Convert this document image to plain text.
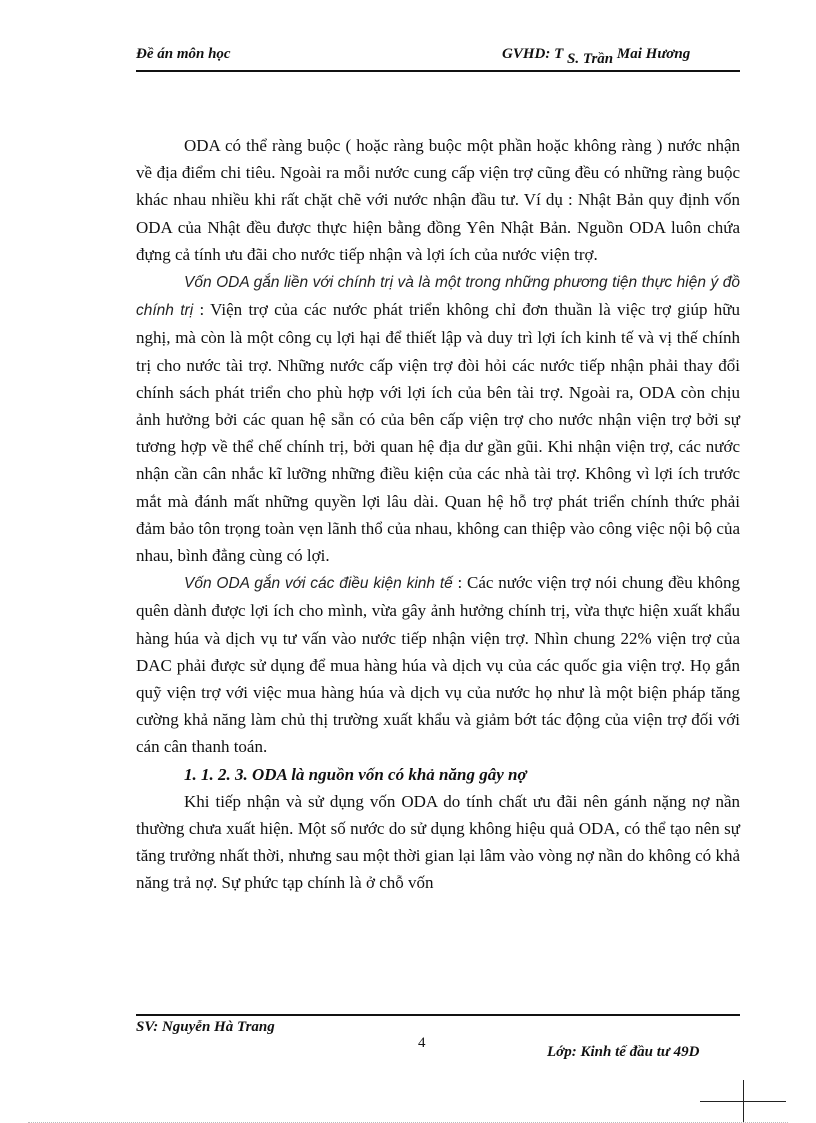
Đề án môn học	GVHD: T S. Trần Mai Hương

ODA có thể ràng buộc ( hoặc ràng buộc một phần hoặc không ràng ) nước nhận về địa điểm chi tiêu. Ngoài ra mỗi nước cung cấp viện trợ cũng đều có những ràng buộc khác nhau nhiều khi rất chặt chẽ với nước nhận đầu tư. Ví dụ : Nhật Bản quy định vốn ODA của Nhật đều được thực hiện bằng đồng Yên Nhật Bản. Nguồn ODA luôn chứa đựng cả tính ưu đãi cho nước tiếp nhận và lợi ích của nước viện trợ.

Vốn ODA gắn liền với chính trị và là một trong những phương tiện thực hiện ý đồ chính trị : Viện trợ của các nước phát triển không chỉ đơn thuần là việc trợ giúp hữu nghị, mà còn là một công cụ lợi hại để thiết lập và duy trì lợi ích kinh tế và vị thế chính trị cho nước tài trợ. Những nước cấp viện trợ đòi hỏi các nước tiếp nhận phải thay đổi chính sách phát triển cho phù hợp với lợi ích của bên tài trợ. Ngoài ra, ODA còn chịu ảnh hưởng bởi các quan hệ sẵn có của bên cấp viện trợ cho nước nhận viện trợ bởi sự tương hợp về thể chế chính trị, bởi quan hệ địa dư gần gũi. Khi nhận viện trợ, các nước nhận cần cân nhắc kĩ lưỡng những điều kiện của các nhà tài trợ. Không vì lợi ích trước mắt mà đánh mất những quyền lợi lâu dài. Quan hệ hỗ trợ phát triển chính thức phải đảm bảo tôn trọng toàn vẹn lãnh thổ của nhau, không can thiệp vào công việc nội bộ của nhau, bình đẳng cùng có lợi.

Vốn ODA gắn với các điều kiện kinh tế : Các nước viện trợ nói chung đều không quên dành được lợi ích cho mình, vừa gây ảnh hưởng chính trị, vừa thực hiện xuất khẩu hàng húa và dịch vụ tư vấn vào nước tiếp nhận viện trợ. Nhìn chung 22% viện trợ của DAC phải được sử dụng để mua hàng húa và dịch vụ của các quốc gia viện trợ. Họ gắn quỹ viện trợ với việc mua hàng húa và dịch vụ của nước họ như là một biện pháp tăng cường khả năng làm chủ thị trường xuất khẩu và giảm bớt tác động của viện trợ đối với cán cân thanh toán.

1. 1. 2. 3. ODA là nguồn vốn có khả năng gây nợ

Khi tiếp nhận và sử dụng vốn ODA do tính chất ưu đãi nên gánh nặng nợ nần thường chưa xuất hiện. Một số nước do sử dụng không hiệu quả ODA, có thể tạo nên sự tăng trưởng nhất thời, nhưng sau một thời gian lại lâm vào vòng nợ nần do không có khả năng trả nợ. Sự phức tạp chính là ở chỗ vốn

SV: Nguyễn Hà Trang
4
Lớp: Kinh tế đầu tư 49D
